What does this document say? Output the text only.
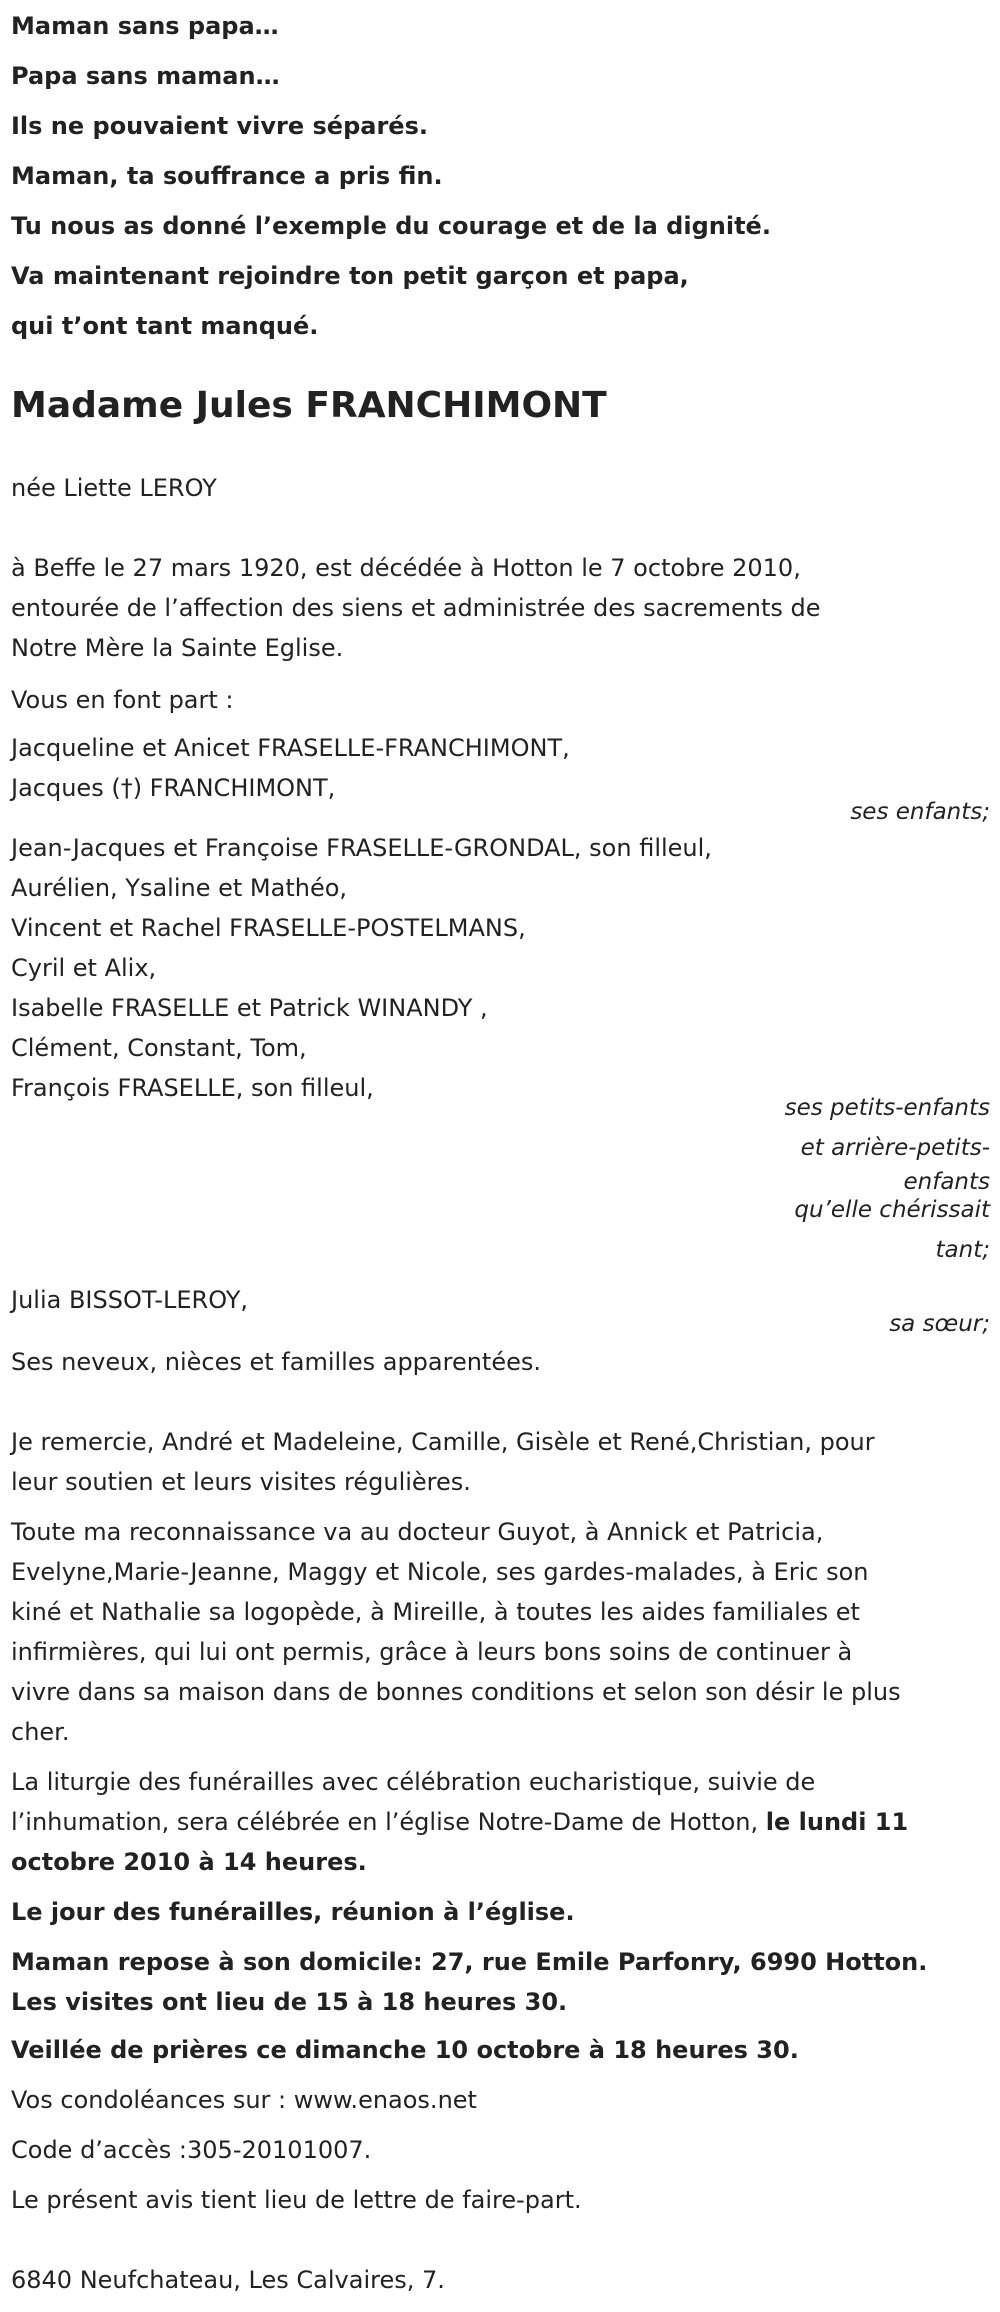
Maman sans papa…
Papa sans maman…
Ils ne pouvaient vivre séparés.
Maman, ta souffrance a pris fin.
Tu nous as donné l’exemple du courage et de la dignité.
Va maintenant rejoindre ton petit garçon et papa,
qui t’ont tant manqué.
Madame Jules FRANCHIMONT
née Liette LEROY
à Beffe le 27 mars 1920, est décédée à Hotton le 7 octobre 2010,
entourée de l’affection des siens et administrée des sacrements de
Notre Mère la Sainte Eglise.
Vous en font part :
Jacqueline et Anicet FRASELLE-FRANCHIMONT,
Jacques (†) FRANCHIMONT,
ses enfants;
Jean-Jacques et Françoise FRASELLE-GRONDAL, son filleul,
Aurélien, Ysaline et Mathéo,
Vincent et Rachel FRASELLE-POSTELMANS,
Cyril et Alix,
Isabelle FRASELLE et Patrick WINANDY ,
Clément, Constant, Tom,
François FRASELLE, son filleul,
ses petits-enfants
et arrière-petits-
enfants
qu’elle chérissait
tant;
Julia BISSOT-LEROY,
sa sœur;
Ses neveux, nièces et familles apparentées.
Je remercie, André et Madeleine, Camille, Gisèle et René,Christian, pour
leur soutien et leurs visites régulières.
Toute ma reconnaissance va au docteur Guyot, à Annick et Patricia,
Evelyne,Marie-Jeanne, Maggy et Nicole, ses gardes-malades, à Eric son
kiné et Nathalie sa logopède, à Mireille, à toutes les aides familiales et
infirmières, qui lui ont permis, grâce à leurs bons soins de continuer à
vivre dans sa maison dans de bonnes conditions et selon son désir le plus
cher.
La liturgie des funérailles avec célébration eucharistique, suivie de
l’inhumation, sera célébrée en l’église Notre-Dame de Hotton, le lundi 11
octobre 2010 à 14 heures.
Le jour des funérailles, réunion à l’église.
Maman repose à son domicile: 27, rue Emile Parfonry, 6990 Hotton.
Les visites ont lieu de 15 à 18 heures 30.
Veillée de prières ce dimanche 10 octobre à 18 heures 30.
Vos condoléances sur : www.enaos.net
Code d’accès :305-20101007.
Le présent avis tient lieu de lettre de faire-part.
6840 Neufchateau, Les Calvaires, 7.
